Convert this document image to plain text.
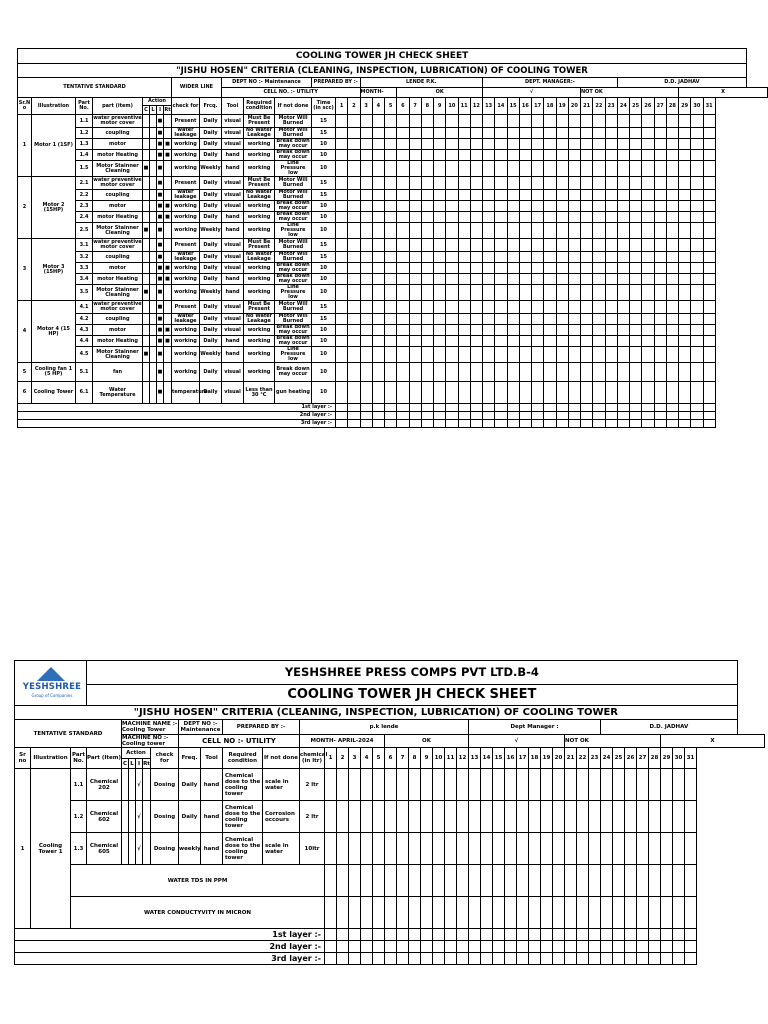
COOLING TOWER JH CHECK SHEET																																												
"JISHU HOSEN" CRITERIA (CLEANING, INSPECTION, LUBRICATION) OF COOLING TOWER																																												
TENTATIVE STANDARD								WIDER LINE		DEPT NO :- Maintenance			PREPARED BY :-			LENDE P.K.										DEPT. MANAGER:-											D.D. JADHAV							
										CELL NO. :- UTILITY						MONTH-			OK							√								NOT OK								X		
Sr.N o	Illustration	Part No.	part (item)	Action				check for	Frcq.	Tool	Required condition	If not done	Time (in scc)	1	2	3	4	5	6	7	8	9	10	11	12	13	14	15	16	17	18	19	20	21	22	23	24	25	26	27	28	29	30	31
				C	L	I	Rt																																					
1	Motor 1 (1SF)	1.1	water preventive motor cover			■		Present	Daily	visual	Must Be Present	Motor Will Burned	15																															
		1.2	coupling			■		water leakage	Daily	visual	No Water Leakage	Motor Will Burned	15																															
		1.3	motor			■	■	working	Daily	visual	working	Break down may occur	10																															
		1.4	motor Heating			■	■	working	Daily	hand	working	Break down may occur	10																															
		1.5	Motor Stainner Cleaning	■		■		working	Weekly	hand	working	Line Pressure low	10																															
2	Motor 2 (15HP)	2.1	water preventive motor cover			■		Present	Daily	visual	Must Be Present	Motor Will Burned	15																															
		2.2	coupling			■		water leakage	Daily	visual	No Water Leakage	Motor Will Burned	15																															
		2.3	motor			■	■	working	Daily	visual	working	Break down may occur	10																															
		2.4	motor Heating			■	■	working	Daily	hand	working	Break down may occur	10																															
		2.5	Motor Stainner Cleaning	■		■		working	Weekly	hand	working	Line Pressure low	10																															
3	Motor 3 (15HP)	3.1	water preventive motor cover			■		Present	Daily	visual	Must Be Present	Motor Will Burned	15																															
		3.2	coupling			■		water leakage	Daily	visual	No Water Leakage	Motor Will Burned	15																															
		3.3	motor			■	■	working	Daily	visual	working	Break down may occur	10																															
		3.4	motor Heating			■	■	working	Daily	hand	working	Break down may occur	10																															
		3.5	Motor Stainner Cleaning	■		■		working	Weekly	hand	working	Line Pressure low	10																															
4	Motor 4 (15 HP)	4.1	water preventive motor cover			■		Present	Daily	visual	Must Be Present	Motor Will Burned	15																															
		4.2	coupling			■		water leakage	Daily	visual	No Water Leakage	Motor Will Burned	15																															
		4.3	motor			■	■	working	Daily	visual	working	Break down may occur	10																															
		4.4	motor Heating			■	■	working	Daily	hand	working	Break down may occur	10																															
		4.5	Motor Stainner Cleaning	■		■		working	Weekly	hand	working	Line Pressure low	10																															
5	Cooling fan 1 (5 HP)	5.1	fan			■		working	Daily	visual	working	Break down may occur	10																															
6	Cooling Tower	6.1	Water Temperature			■		temperature	Daily	visual	Less than 30 °C	gun heating	10																															
1st layer :-																																												
2nd layer :-																																												
3rd layer :-																																												
YESHSHREE
Group of Companies			YESHSHREE PRESS COMPS PVT LTD.B-4																																									
			COOLING TOWER JH CHECK SHEET																																									
"JISHU HOSEN" CRITERIA (CLEANING, INSPECTION, LUBRICATION) OF COOLING TOWER																																												
TENTATIVE STANDARD				MACHINE NAME :- Cooling Tower					DEPT NO :- Maintenance		PREPARED BY :-		p.k lende													Dept Manager :											D.D. JADHAV							
				MACHINE NO :- Cooling tower					CELL NO :- UTILITY				MONTH- APRIL-2024						OK							√								NOT OK								X		
Sr no	Illustration	Part No.	Part (Item)	Action				check for	Freq.	Tool	Required condition	If not done	chemical (in ltr)	1	2	3	4	5	6	7	8	9	10	11	12	13	14	15	16	17	18	19	20	21	22	23	24	25	26	27	28	29	30	31
				C	L	I	Rt																																					
1	Cooling Tower 1	1.1	Chemical 202			√		Dosing	Daily	hand	Chemical dose to the cooling tower	scale in water	2 ltr																															
		1.2	Chemical 602			√		Dosing	Daily	hand	Chemical dose to the cooling tower	Corrosion occours	2 ltr																															
		1.3	Chemical 605			√		Dosing	weekly	hand	Chemical dose to the cooling tower	scale in water	10ltr																															
		WATER TDS IN PPM																																										
		WATER CONDUCTYVITY IN MICRON																																										
1st layer :-																																												
2nd layer :-																																												
3rd layer :-																																												
